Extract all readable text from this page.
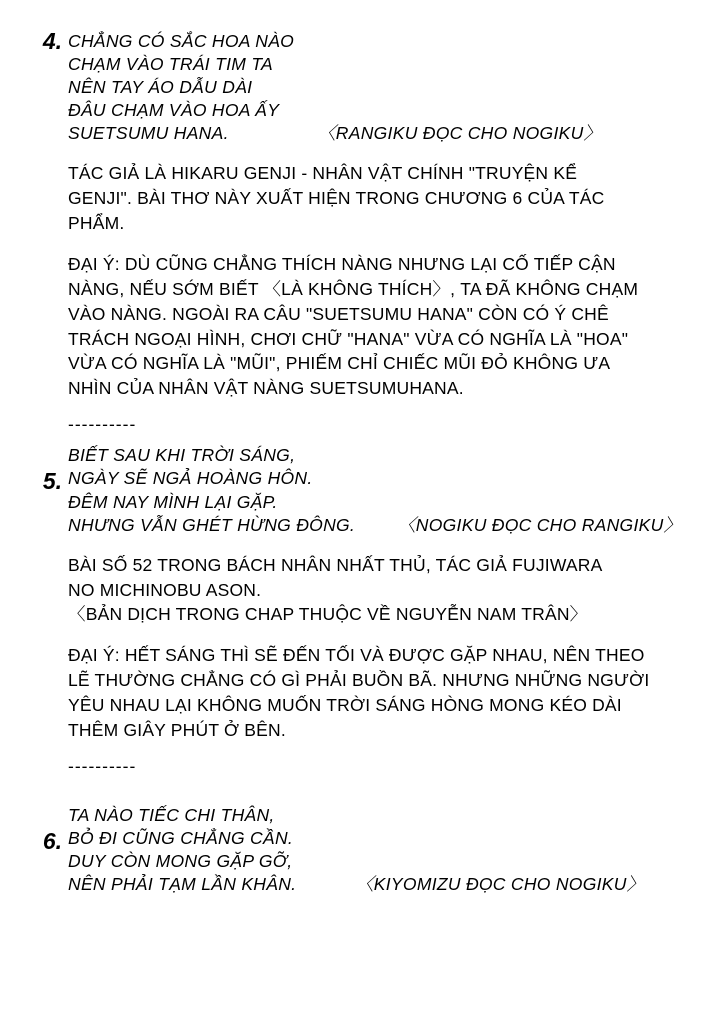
4. CHẲNG CÓ SẮC HOA NÀO
CHẠM VÀO TRÁI TIM TA
NÊN TAY ÁO DẪU DÀI
ĐÂU CHẠM VÀO HOA ẤY
SUETSUMU HANA.	〈RANGIKU ĐỌC CHO NOGIKU〉
TÁC GIẢ LÀ HIKARU GENJI - NHÂN VẬT CHÍNH "TRUYỆN KỂ
GENJI". BÀI THƠ NÀY XUẤT HIỆN TRONG CHƯƠNG 6 CỦA TÁC
PHẨM.
ĐẠI Ý: DÙ CŨNG CHẲNG THÍCH NÀNG NHƯNG LẠI CỐ TIẾP CẬN
NÀNG, NẾU SỚM BIẾT 〈LÀ KHÔNG THÍCH〉, TA ĐÃ KHÔNG CHẠM
VÀO NÀNG. NGOÀI RA CÂU "SUETSUMU HANA" CÒN CÓ Ý CHÊ
TRÁCH NGOẠI HÌNH, CHƠI CHỮ "HANA" VỪA CÓ NGHĨA LÀ "HOA"
VỪA CÓ NGHĨA LÀ "MŨI", PHIẾM CHỈ CHIẾC MŨI ĐỎ KHÔNG ƯA
NHÌN CỦA NHÂN VẬT NÀNG SUETSUMUHANA.
----------
5.
BIẾT SAU KHI TRỜI SÁNG,
NGÀY SẼ NGẢ HOÀNG HÔN.
ĐÊM NAY MÌNH LẠI GẶP.
NHƯNG VẪN GHÉT HỪNG ĐÔNG. 〈NOGIKU ĐỌC CHO RANGIKU〉
BÀI SỐ 52 TRONG BÁCH NHÂN NHẤT THỦ, TÁC GIẢ FUJIWARA
NO MICHINOBU ASON.
〈BẢN DỊCH TRONG CHAP THUỘC VỀ NGUYỄN NAM TRÂN〉
ĐẠI Ý: HẾT SÁNG THÌ SẼ ĐẾN TỐI VÀ ĐƯỢC GẶP NHAU, NÊN THEO
LẼ THƯỜNG CHẲNG CÓ GÌ PHẢI BUỒN BÃ. NHƯNG NHỮNG NGƯỜI
YÊU NHAU LẠI KHÔNG MUỐN TRỜI SÁNG HÒNG MONG KÉO DÀI
THÊM GIÂY PHÚT Ở BÊN.
----------
6.
TA NÀO TIẾC CHI THÂN,
BỎ ĐI CŨNG CHẲNG CẦN.
DUY CÒN MONG GẶP GỠ,
NÊN PHẢI TẠM LẦN KHÂN.	〈KIYOMIZU ĐỌC CHO NOGIKU〉
